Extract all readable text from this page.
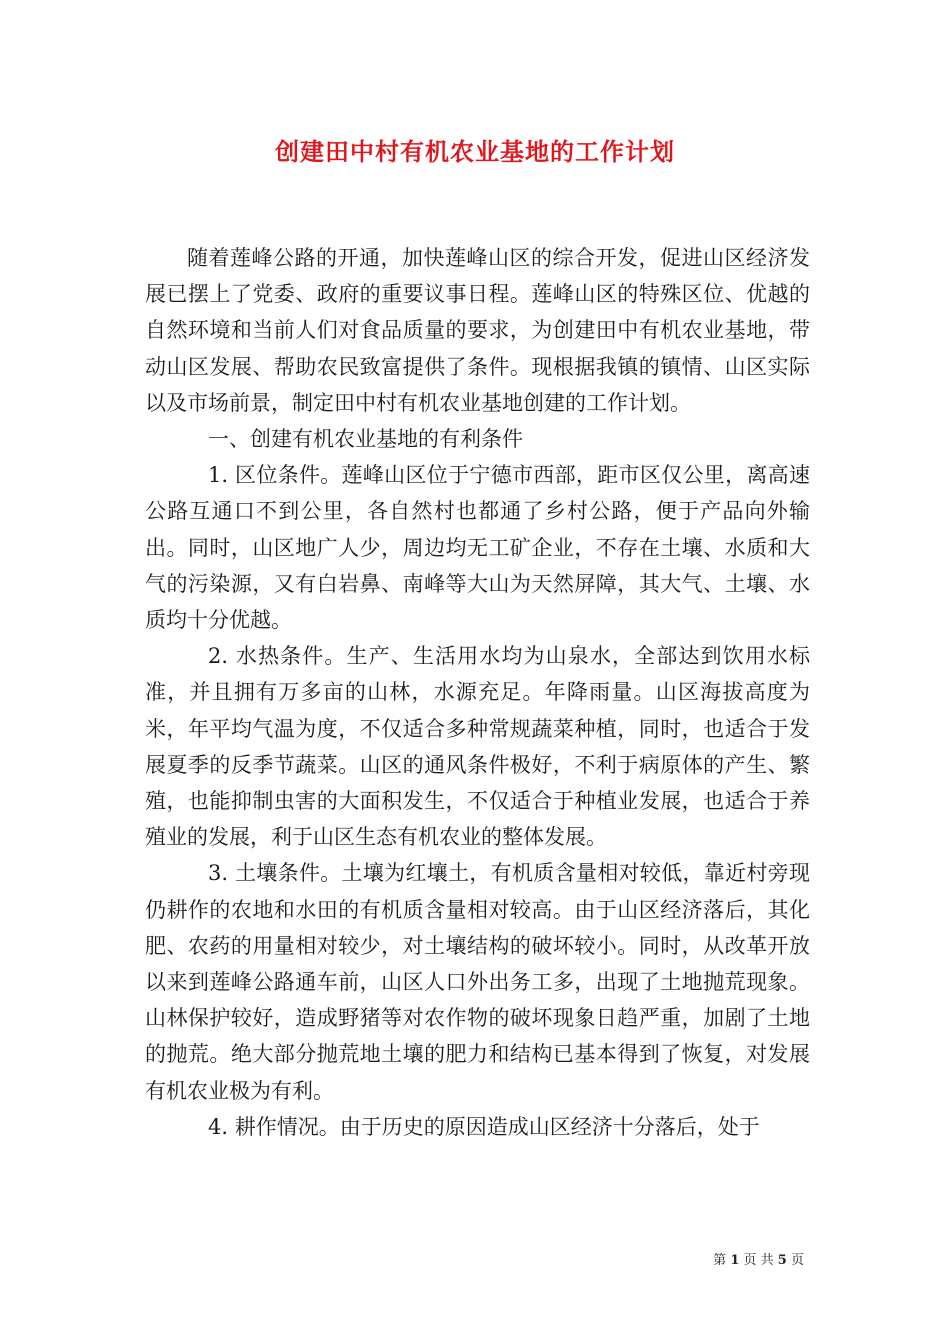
创建田中村有机农业基地的工作计划

随着莲峰公路的开通，加快莲峰山区的综合开发，促进山区经济发展已摆上了党委、政府的重要议事日程。莲峰山区的特殊区位、优越的自然环境和当前人们对食品质量的要求，为创建田中有机农业基地，带动山区发展、帮助农民致富提供了条件。现根据我镇的镇情、山区实际以及市场前景，制定田中村有机农业基地创建的工作计划。

一、创建有机农业基地的有利条件

1. 区位条件。莲峰山区位于宁德市西部，距市区仅公里，离高速公路互通口不到公里，各自然村也都通了乡村公路，便于产品向外输出。同时，山区地广人少，周边均无工矿企业，不存在土壤、水质和大气的污染源，又有白岩鼻、南峰等大山为天然屏障，其大气、土壤、水质均十分优越。

2. 水热条件。生产、生活用水均为山泉水，全部达到饮用水标准，并且拥有万多亩的山林，水源充足。年降雨量。山区海拔高度为米，年平均气温为度，不仅适合多种常规蔬菜种植，同时，也适合于发展夏季的反季节蔬菜。山区的通风条件极好，不利于病原体的产生、繁殖，也能抑制虫害的大面积发生，不仅适合于种植业发展，也适合于养殖业的发展，利于山区生态有机农业的整体发展。

3. 土壤条件。土壤为红壤土，有机质含量相对较低，靠近村旁现仍耕作的农地和水田的有机质含量相对较高。由于山区经济落后，其化肥、农药的用量相对较少，对土壤结构的破坏较小。同时，从改革开放以来到莲峰公路通车前，山区人口外出务工多，出现了土地抛荒现象。山林保护较好，造成野猪等对农作物的破坏现象日趋严重，加剧了土地的抛荒。绝大部分抛荒地土壤的肥力和结构已基本得到了恢复，对发展有机农业极为有利。

4. 耕作情况。由于历史的原因造成山区经济十分落后，处于

第 1 页 共 5 页
